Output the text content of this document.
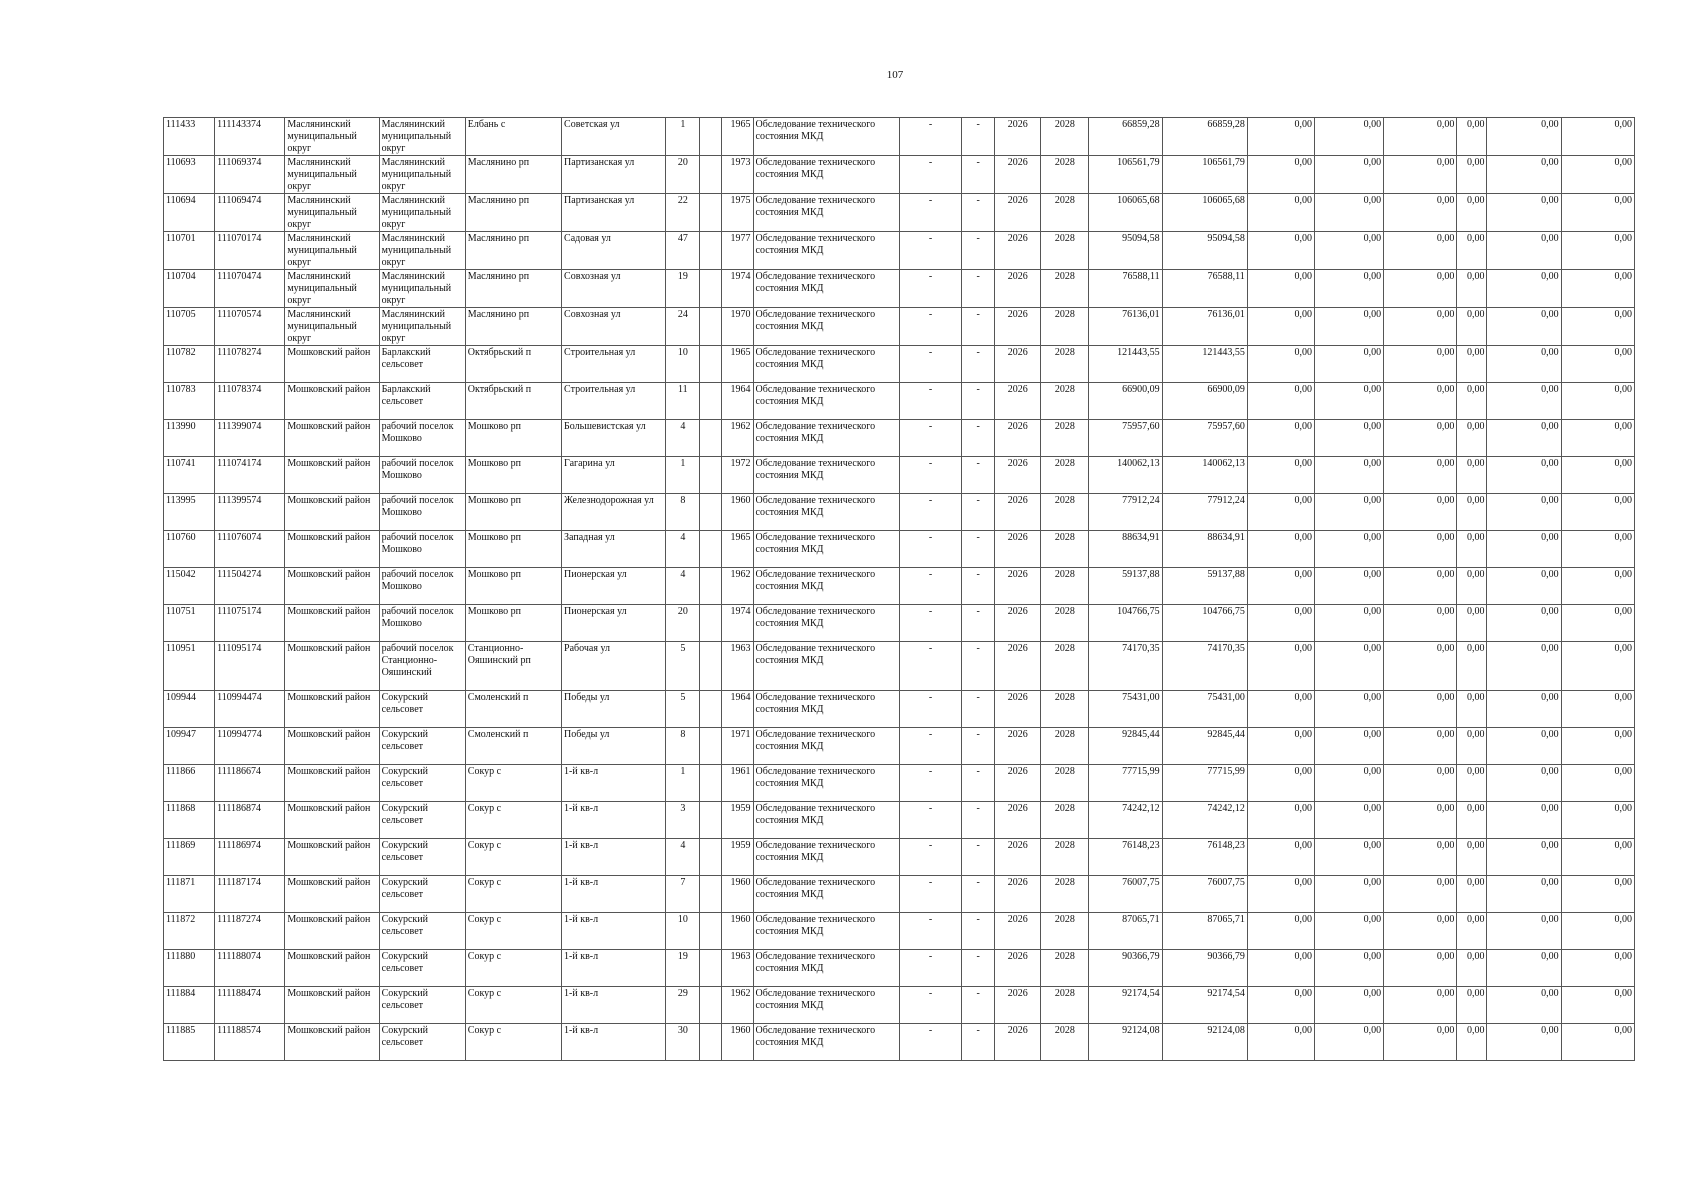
107
111433	111143374	Маслянинский муниципальный округ	Маслянинский муниципальный округ	Елбань с	Советская ул	1		1965	Обследование технического состояния МКД	-	-	2026	2028	66859,28	66859,28	0,00	0,00	0,00	0,00	0,00	0,00
110693	111069374	Маслянинский муниципальный округ	Маслянинский муниципальный округ	Маслянино рп	Партизанская ул	20		1973	Обследование технического состояния МКД	-	-	2026	2028	106561,79	106561,79	0,00	0,00	0,00	0,00	0,00	0,00
110694	111069474	Маслянинский муниципальный округ	Маслянинский муниципальный округ	Маслянино рп	Партизанская ул	22		1975	Обследование технического состояния МКД	-	-	2026	2028	106065,68	106065,68	0,00	0,00	0,00	0,00	0,00	0,00
110701	111070174	Маслянинский муниципальный округ	Маслянинский муниципальный округ	Маслянино рп	Садовая ул	47		1977	Обследование технического состояния МКД	-	-	2026	2028	95094,58	95094,58	0,00	0,00	0,00	0,00	0,00	0,00
110704	111070474	Маслянинский муниципальный округ	Маслянинский муниципальный округ	Маслянино рп	Совхозная ул	19		1974	Обследование технического состояния МКД	-	-	2026	2028	76588,11	76588,11	0,00	0,00	0,00	0,00	0,00	0,00
110705	111070574	Маслянинский муниципальный округ	Маслянинский муниципальный округ	Маслянино рп	Совхозная ул	24		1970	Обследование технического состояния МКД	-	-	2026	2028	76136,01	76136,01	0,00	0,00	0,00	0,00	0,00	0,00
110782	111078274	Мошковский район	Барлакский сельсовет	Октябрьский п	Строительная ул	10		1965	Обследование технического состояния МКД	-	-	2026	2028	121443,55	121443,55	0,00	0,00	0,00	0,00	0,00	0,00
110783	111078374	Мошковский район	Барлакский сельсовет	Октябрьский п	Строительная ул	11		1964	Обследование технического состояния МКД	-	-	2026	2028	66900,09	66900,09	0,00	0,00	0,00	0,00	0,00	0,00
113990	111399074	Мошковский район	рабочий поселок Мошково	Мошково рп	Большевистская ул	4		1962	Обследование технического состояния МКД	-	-	2026	2028	75957,60	75957,60	0,00	0,00	0,00	0,00	0,00	0,00
110741	111074174	Мошковский район	рабочий поселок Мошково	Мошково рп	Гагарина ул	1		1972	Обследование технического состояния МКД	-	-	2026	2028	140062,13	140062,13	0,00	0,00	0,00	0,00	0,00	0,00
113995	111399574	Мошковский район	рабочий поселок Мошково	Мошково рп	Железнодорожная ул	8		1960	Обследование технического состояния МКД	-	-	2026	2028	77912,24	77912,24	0,00	0,00	0,00	0,00	0,00	0,00
110760	111076074	Мошковский район	рабочий поселок Мошково	Мошково рп	Западная ул	4		1965	Обследование технического состояния МКД	-	-	2026	2028	88634,91	88634,91	0,00	0,00	0,00	0,00	0,00	0,00
115042	111504274	Мошковский район	рабочий поселок Мошково	Мошково рп	Пионерская ул	4		1962	Обследование технического состояния МКД	-	-	2026	2028	59137,88	59137,88	0,00	0,00	0,00	0,00	0,00	0,00
110751	111075174	Мошковский район	рабочий поселок Мошково	Мошково рп	Пионерская ул	20		1974	Обследование технического состояния МКД	-	-	2026	2028	104766,75	104766,75	0,00	0,00	0,00	0,00	0,00	0,00
110951	111095174	Мошковский район	рабочий поселок Станционно-Ояшинский	Станционно-Ояшинский рп	Рабочая ул	5		1963	Обследование технического состояния МКД	-	-	2026	2028	74170,35	74170,35	0,00	0,00	0,00	0,00	0,00	0,00
109944	110994474	Мошковский район	Сокурский сельсовет	Смоленский п	Победы ул	5		1964	Обследование технического состояния МКД	-	-	2026	2028	75431,00	75431,00	0,00	0,00	0,00	0,00	0,00	0,00
109947	110994774	Мошковский район	Сокурский сельсовет	Смоленский п	Победы ул	8		1971	Обследование технического состояния МКД	-	-	2026	2028	92845,44	92845,44	0,00	0,00	0,00	0,00	0,00	0,00
111866	111186674	Мошковский район	Сокурский сельсовет	Сокур с	1-й кв-л	1		1961	Обследование технического состояния МКД	-	-	2026	2028	77715,99	77715,99	0,00	0,00	0,00	0,00	0,00	0,00
111868	111186874	Мошковский район	Сокурский сельсовет	Сокур с	1-й кв-л	3		1959	Обследование технического состояния МКД	-	-	2026	2028	74242,12	74242,12	0,00	0,00	0,00	0,00	0,00	0,00
111869	111186974	Мошковский район	Сокурский сельсовет	Сокур с	1-й кв-л	4		1959	Обследование технического состояния МКД	-	-	2026	2028	76148,23	76148,23	0,00	0,00	0,00	0,00	0,00	0,00
111871	111187174	Мошковский район	Сокурский сельсовет	Сокур с	1-й кв-л	7		1960	Обследование технического состояния МКД	-	-	2026	2028	76007,75	76007,75	0,00	0,00	0,00	0,00	0,00	0,00
111872	111187274	Мошковский район	Сокурский сельсовет	Сокур с	1-й кв-л	10		1960	Обследование технического состояния МКД	-	-	2026	2028	87065,71	87065,71	0,00	0,00	0,00	0,00	0,00	0,00
111880	111188074	Мошковский район	Сокурский сельсовет	Сокур с	1-й кв-л	19		1963	Обследование технического состояния МКД	-	-	2026	2028	90366,79	90366,79	0,00	0,00	0,00	0,00	0,00	0,00
111884	111188474	Мошковский район	Сокурский сельсовет	Сокур с	1-й кв-л	29		1962	Обследование технического состояния МКД	-	-	2026	2028	92174,54	92174,54	0,00	0,00	0,00	0,00	0,00	0,00
111885	111188574	Мошковский район	Сокурский сельсовет	Сокур с	1-й кв-л	30		1960	Обследование технического состояния МКД	-	-	2026	2028	92124,08	92124,08	0,00	0,00	0,00	0,00	0,00	0,00
